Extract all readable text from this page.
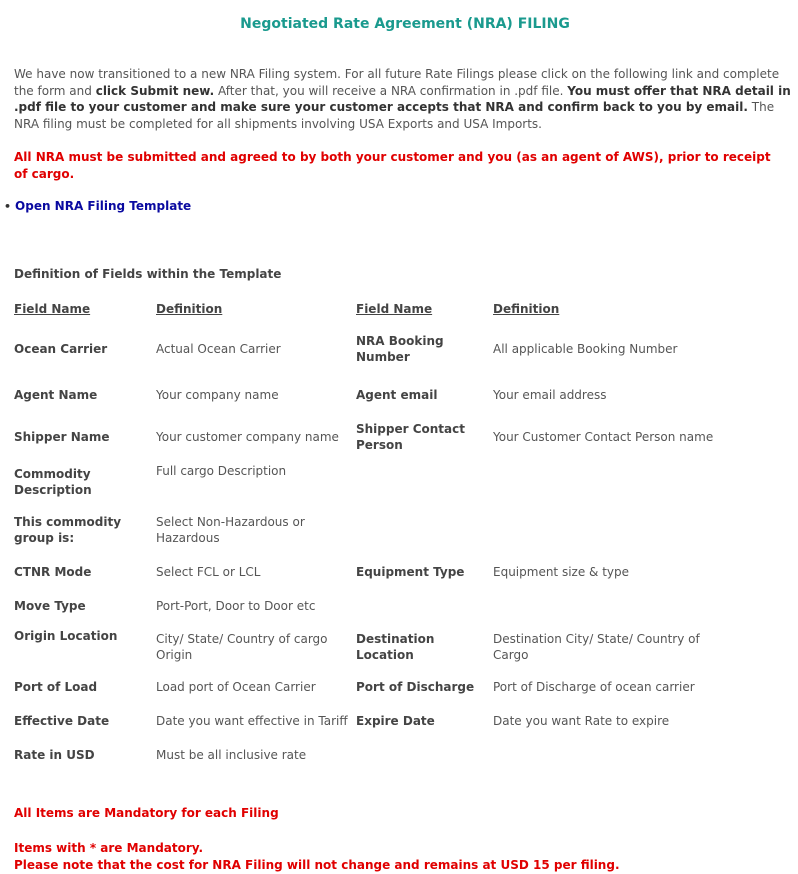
Negotiated Rate Agreement (NRA) FILING
We have now transitioned to a new NRA Filing system. For all future Rate Filings please click on the following link and complete the form and click Submit new. After that, you will receive a NRA confirmation in .pdf file. You must offer that NRA detail in .pdf file to your customer and make sure your customer accepts that NRA and confirm back to you by email. The NRA filing must be completed for all shipments involving USA Exports and USA Imports.
All NRA must be submitted and agreed to by both your customer and you (as an agent of AWS), prior to receipt of cargo.
• Open NRA Filing Template
Definition of Fields within the Template
Field Name	Definition	Field Name	Definition
Ocean Carrier	Actual Ocean Carrier	NRA Booking Number	All applicable Booking Number
Agent Name	Your company name	Agent email	Your email address
Shipper Name	Your customer company name	Shipper Contact Person	Your Customer Contact Person name
Commodity Description	Full cargo Description		
This commodity group is:	Select Non-Hazardous or Hazardous		
CTNR Mode	Select FCL or LCL	Equipment Type	Equipment size & type
Move Type	Port-Port, Door to Door etc		
Origin Location	City/ State/ Country of cargo Origin	Destination Location	Destination City/ State/ Country of Cargo
Port of Load	Load port of Ocean Carrier	Port of Discharge	Port of Discharge of ocean carrier
Effective Date	Date you want effective in Tariff	Expire Date	Date you want Rate to expire
Rate in USD	Must be all inclusive rate		
All Items are Mandatory for each Filing
Items with * are Mandatory.
Please note that the cost for NRA Filing will not change and remains at USD 15 per filing.
